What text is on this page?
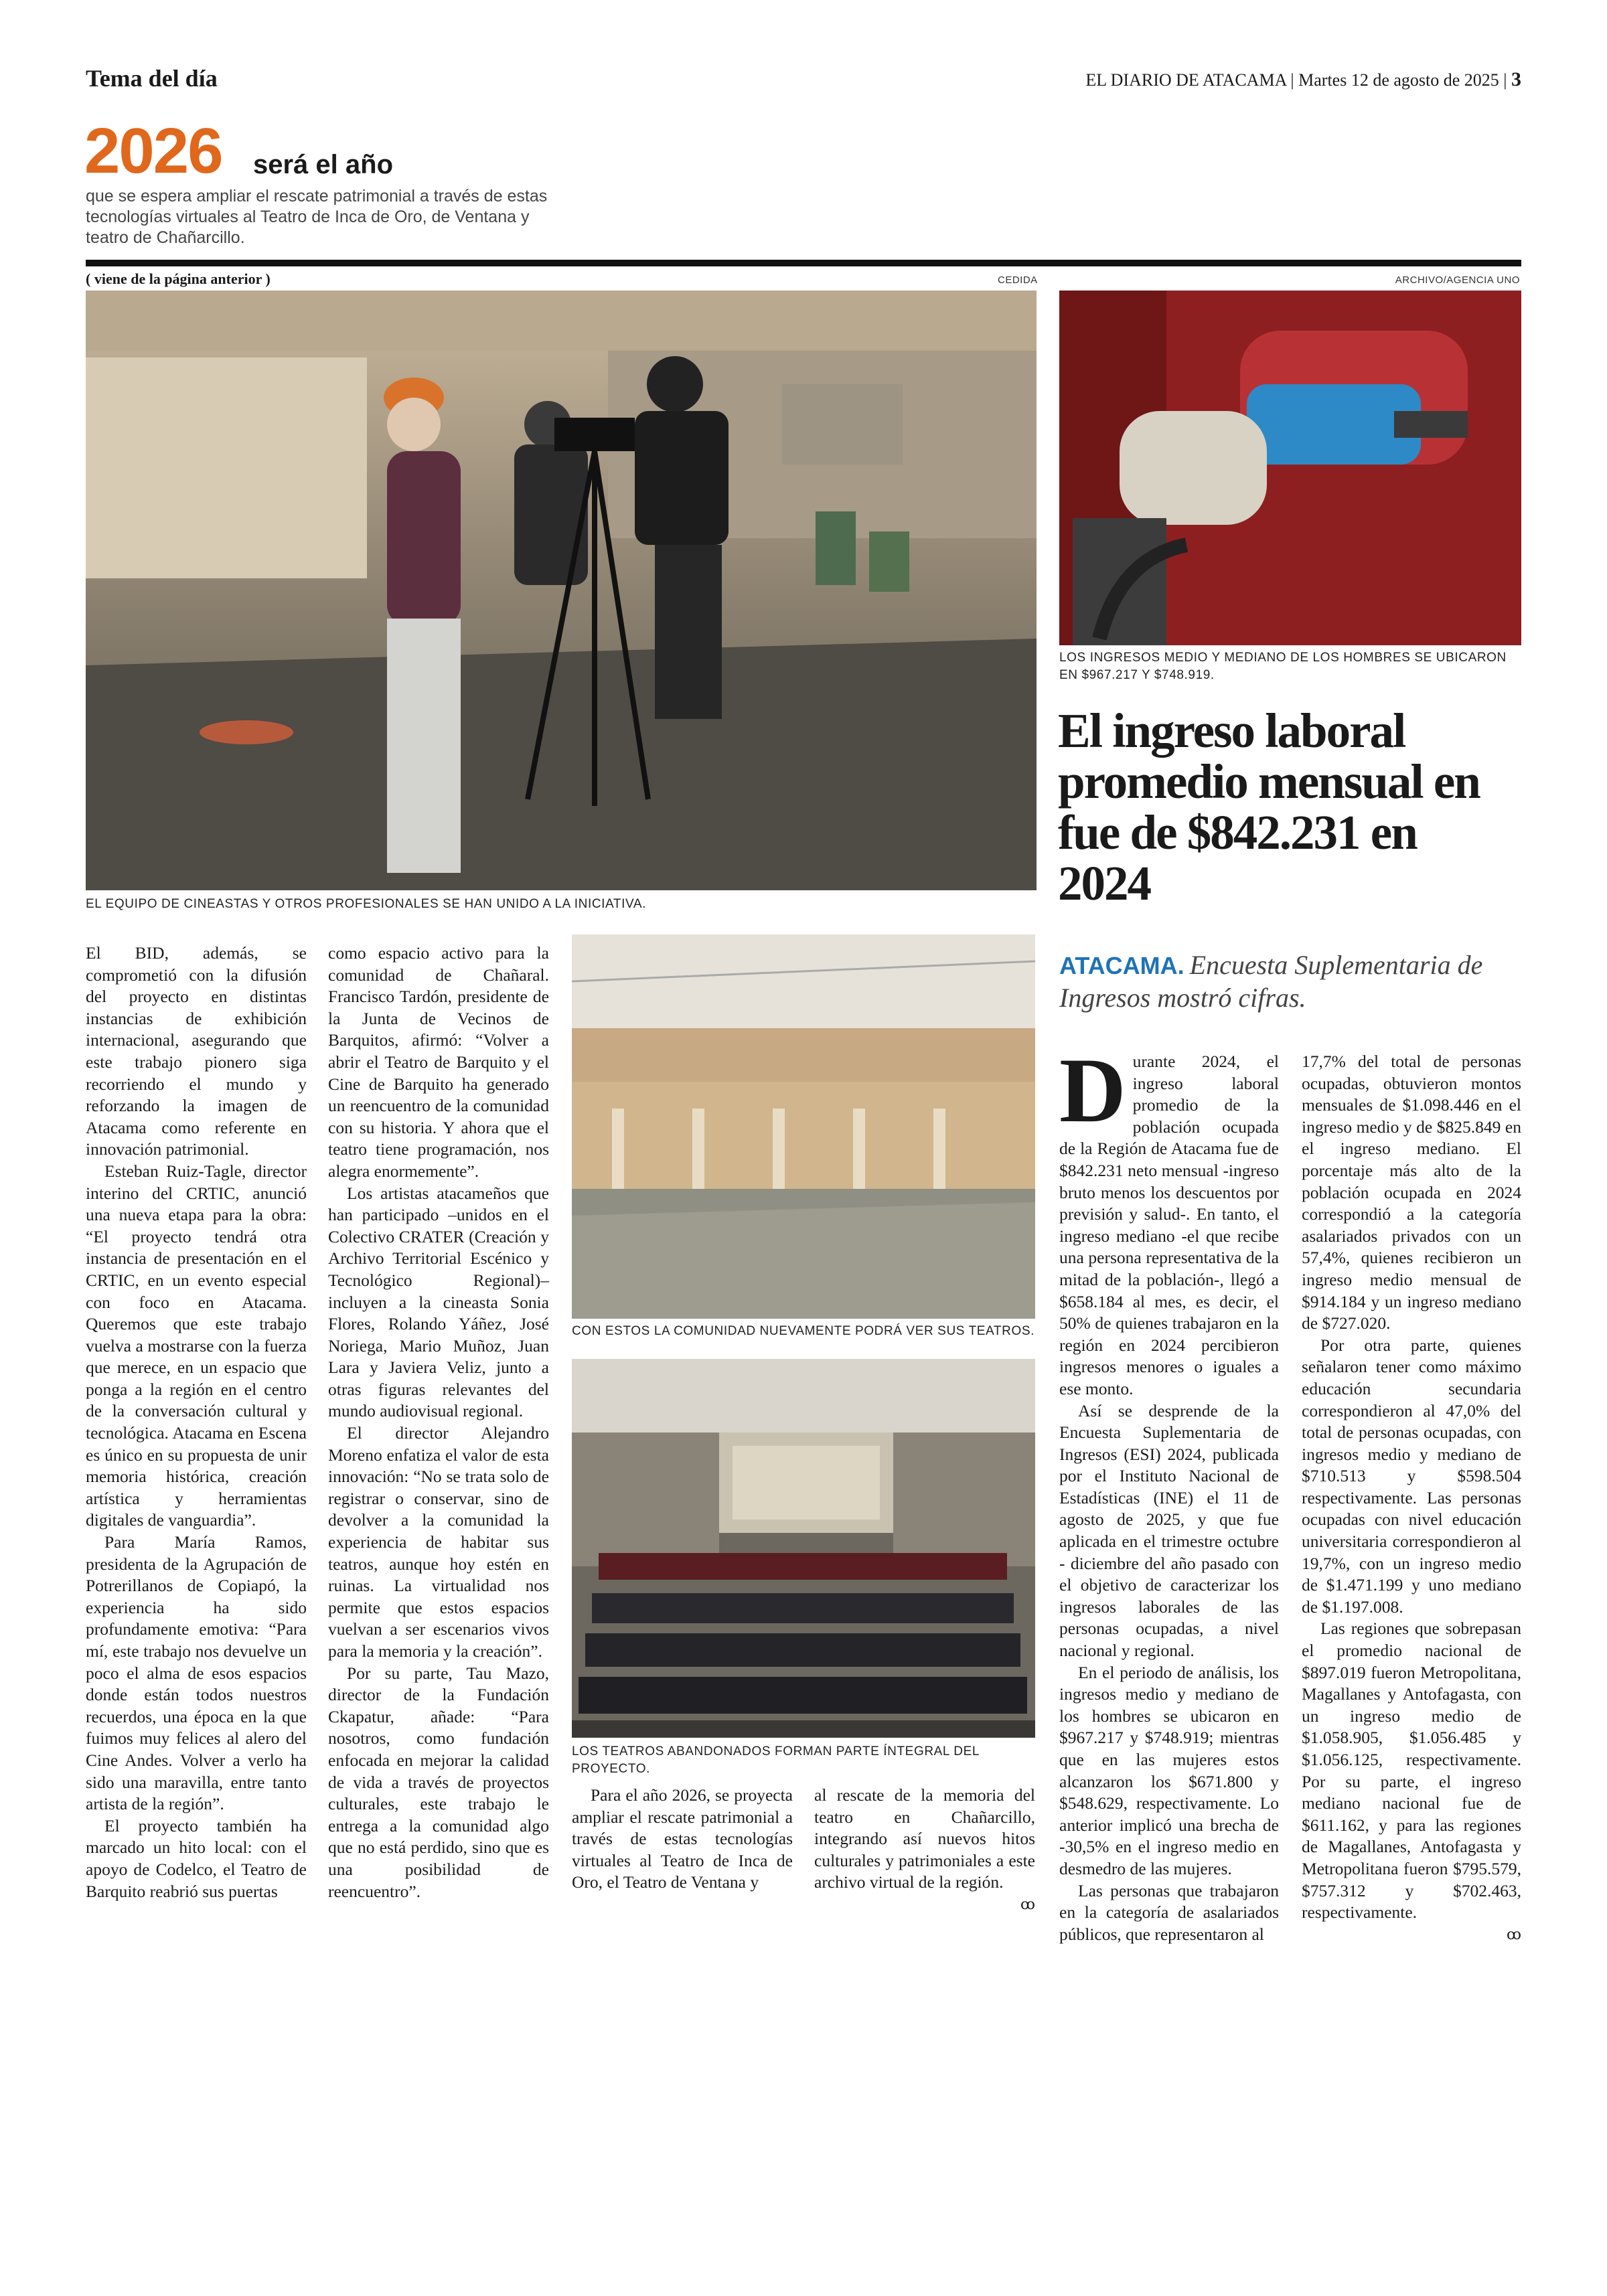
Tema del día	EL DIARIO DE ATACAMA | Martes 12 de agosto de 2025 | 3
2026 será el año
que se espera ampliar el rescate patrimonial a través de estas tecnologías virtuales al Teatro de Inca de Oro, de Ventana y teatro de Chañarcillo.
( viene de la página anterior )	CEDIDA	ARCHIVO/AGENCIA UNO
EL EQUIPO DE CINEASTAS Y OTROS PROFESIONALES SE HAN UNIDO A LA INICIATIVA.
LOS INGRESOS MEDIO Y MEDIANO DE LOS HOMBRES SE UBICARON EN $967.217 Y $748.919.
CON ESTOS LA COMUNIDAD NUEVAMENTE PODRÁ VER SUS TEATROS.
LOS TEATROS ABANDONADOS FORMAN PARTE ÍNTEGRAL DEL PROYECTO.

El BID, además, se comprometió con la difusión del proyecto en distintas instancias de exhibición internacional, asegurando que este trabajo pionero siga recorriendo el mundo y reforzando la imagen de Atacama como referente en innovación patrimonial.

Esteban Ruiz-Tagle, director interino del CRTIC, anunció una nueva etapa para la obra: “El proyecto tendrá otra instancia de presentación en el CRTIC, en un evento especial con foco en Atacama. Queremos que este trabajo vuelva a mostrarse con la fuerza que merece, en un espacio que ponga a la región en el centro de la conversación cultural y tecnológica. Atacama en Escena es único en su propuesta de unir memoria histórica, creación artística y herramientas digitales de vanguardia”.

Para María Ramos, presidenta de la Agrupación de Potrerillanos de Copiapó, la experiencia ha sido profundamente emotiva: “Para mí, este trabajo nos devuelve un poco el alma de esos espacios donde están todos nuestros recuerdos, una época en la que fuimos muy felices al alero del Cine Andes. Volver a verlo ha sido una maravilla, entre tanto artista de la región”.

El proyecto también ha marcado un hito local: con el apoyo de Codelco, el Teatro de Barquito reabrió sus puertas

como espacio activo para la comunidad de Chañaral. Francisco Tardón, presidente de la Junta de Vecinos de Barquitos, afirmó: “Volver a abrir el Teatro de Barquito y el Cine de Barquito ha generado un reencuentro de la comunidad con su historia. Y ahora que el teatro tiene programación, nos alegra enormemente”.

Los artistas atacameños que han participado –unidos en el Colectivo CRATER (Creación y Archivo Territorial Escénico y Tecnológico Regional)– incluyen a la cineasta Sonia Flores, Rolando Yáñez, José Noriega, Mario Muñoz, Juan Lara y Javiera Veliz, junto a otras figuras relevantes del mundo audiovisual regional.

El director Alejandro Moreno enfatiza el valor de esta innovación: “No se trata solo de registrar o conservar, sino de devolver a la comunidad la experiencia de habitar sus teatros, aunque hoy estén en ruinas. La virtualidad nos permite que estos espacios vuelvan a ser escenarios vivos para la memoria y la creación”.

Por su parte, Tau Mazo, director de la Fundación Ckapatur, añade: “Para nosotros, como fundación enfocada en mejorar la calidad de vida a través de proyectos culturales, este trabajo le entrega a la comunidad algo que no está perdido, sino que es una posibilidad de reencuentro”.

Para el año 2026, se proyecta ampliar el rescate patrimonial a través de estas tecnologías virtuales al Teatro de Inca de Oro, el Teatro de Ventana y

al rescate de la memoria del teatro en Chañarcillo, integrando así nuevos hitos culturales y patrimoniales a este archivo virtual de la región.

ꝏ
El ingreso laboral promedio mensual en fue de $842.231 en 2024
ATACAMA. Encuesta Suplementaria de Ingresos mostró cifras.

Durante 2024, el ingreso laboral promedio de la población ocupada de la Región de Atacama fue de $842.231 neto mensual -ingreso bruto menos los descuentos por previsión y salud-. En tanto, el ingreso mediano -el que recibe una persona representativa de la mitad de la población-, llegó a $658.184 al mes, es decir, el 50% de quienes trabajaron en la región en 2024 percibieron ingresos menores o iguales a ese monto.

Así se desprende de la Encuesta Suplementaria de Ingresos (ESI) 2024, publicada por el Instituto Nacional de Estadísticas (INE) el 11 de agosto de 2025, y que fue aplicada en el trimestre octubre - diciembre del año pasado con el objetivo de caracterizar los ingresos laborales de las personas ocupadas, a nivel nacional y regional.

En el periodo de análisis, los ingresos medio y mediano de los hombres se ubicaron en $967.217 y $748.919; mientras que en las mujeres estos alcanzaron los $671.800 y $548.629, respectivamente. Lo anterior implicó una brecha de -30,5% en el ingreso medio en desmedro de las mujeres.

Las personas que trabajaron en la categoría de asalariados públicos, que representaron al

17,7% del total de personas ocupadas, obtuvieron montos mensuales de $1.098.446 en el ingreso medio y de $825.849 en el ingreso mediano. El porcentaje más alto de la población ocupada en 2024 correspondió a la categoría asalariados privados con un 57,4%, quienes recibieron un ingreso medio mensual de $914.184 y un ingreso mediano de $727.020.

Por otra parte, quienes señalaron tener como máximo educación secundaria correspondieron al 47,0% del total de personas ocupadas, con ingresos medio y mediano de $710.513 y $598.504 respectivamente. Las personas ocupadas con nivel educación universitaria correspondieron al 19,7%, con un ingreso medio de $1.471.199 y uno mediano de $1.197.008.

Las regiones que sobrepasan el promedio nacional de $897.019 fueron Metropolitana, Magallanes y Antofagasta, con un ingreso medio de $1.058.905, $1.056.485 y $1.056.125, respectivamente. Por su parte, el ingreso mediano nacional fue de $611.162, y para las regiones de Magallanes, Antofagasta y Metropolitana fueron $795.579, $757.312 y $702.463, respectivamente.

ꝏ
